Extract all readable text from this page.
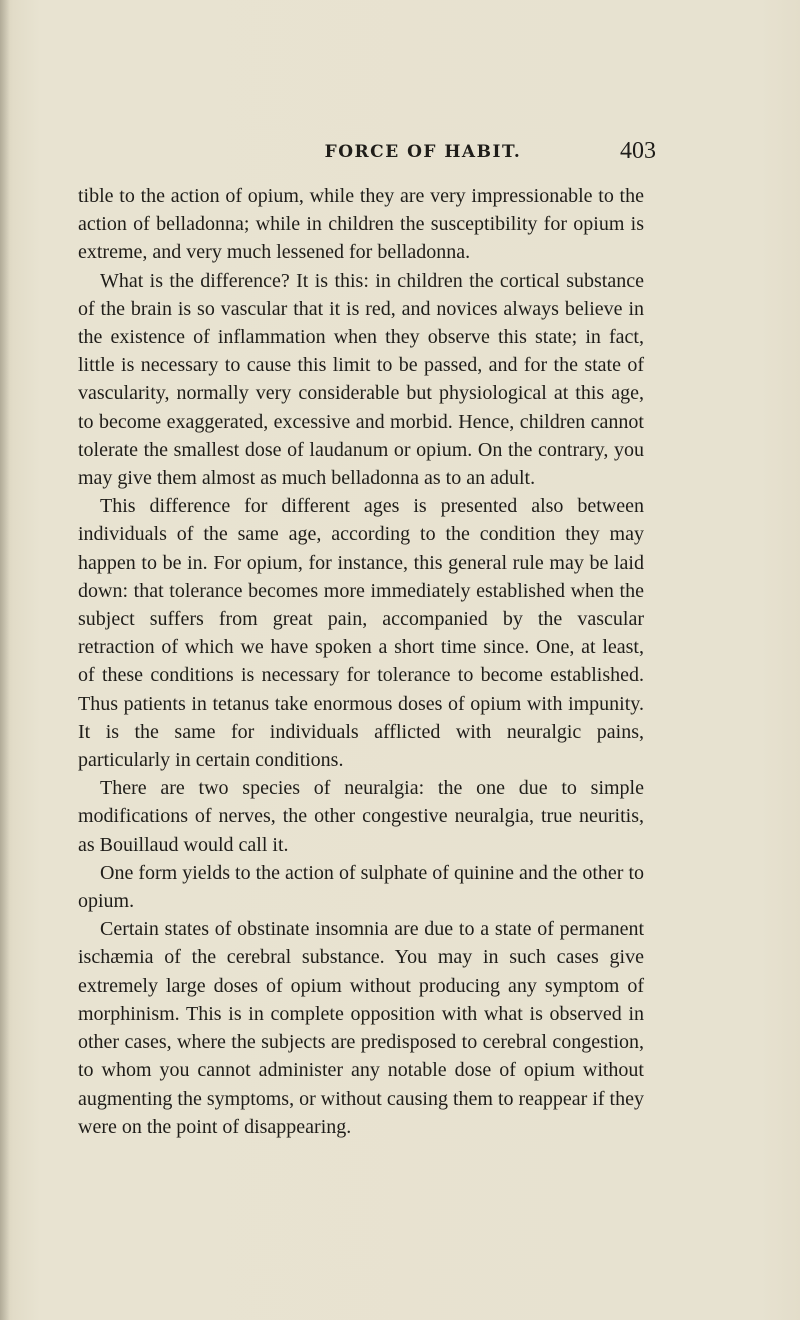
FORCE OF HABIT.	403

tible to the action of opium, while they are very impressionable to the action of belladonna; while in children the susceptibility for opium is extreme, and very much lessened for belladonna.

What is the difference? It is this: in children the cortical substance of the brain is so vascular that it is red, and novices always believe in the existence of inflammation when they observe this state; in fact, little is necessary to cause this limit to be passed, and for the state of vascularity, normally very considerable but physiological at this age, to become exaggerated, excessive and morbid. Hence, children cannot tolerate the smallest dose of laudanum or opium. On the contrary, you may give them almost as much belladonna as to an adult.

This difference for different ages is presented also between individuals of the same age, according to the condition they may happen to be in. For opium, for instance, this general rule may be laid down: that tolerance becomes more immediately established when the subject suffers from great pain, accompanied by the vascular retraction of which we have spoken a short time since. One, at least, of these conditions is necessary for tolerance to become established. Thus patients in tetanus take enormous doses of opium with impunity. It is the same for individuals afflicted with neuralgic pains, particularly in certain conditions.

There are two species of neuralgia: the one due to simple modifications of nerves, the other congestive neuralgia, true neuritis, as Bouillaud would call it.

One form yields to the action of sulphate of quinine and the other to opium.

Certain states of obstinate insomnia are due to a state of permanent ischæmia of the cerebral substance. You may in such cases give extremely large doses of opium without producing any symptom of morphinism. This is in complete opposition with what is observed in other cases, where the subjects are predisposed to cerebral congestion, to whom you cannot administer any notable dose of opium without augmenting the symptoms, or without causing them to reappear if they were on the point of disappearing.
